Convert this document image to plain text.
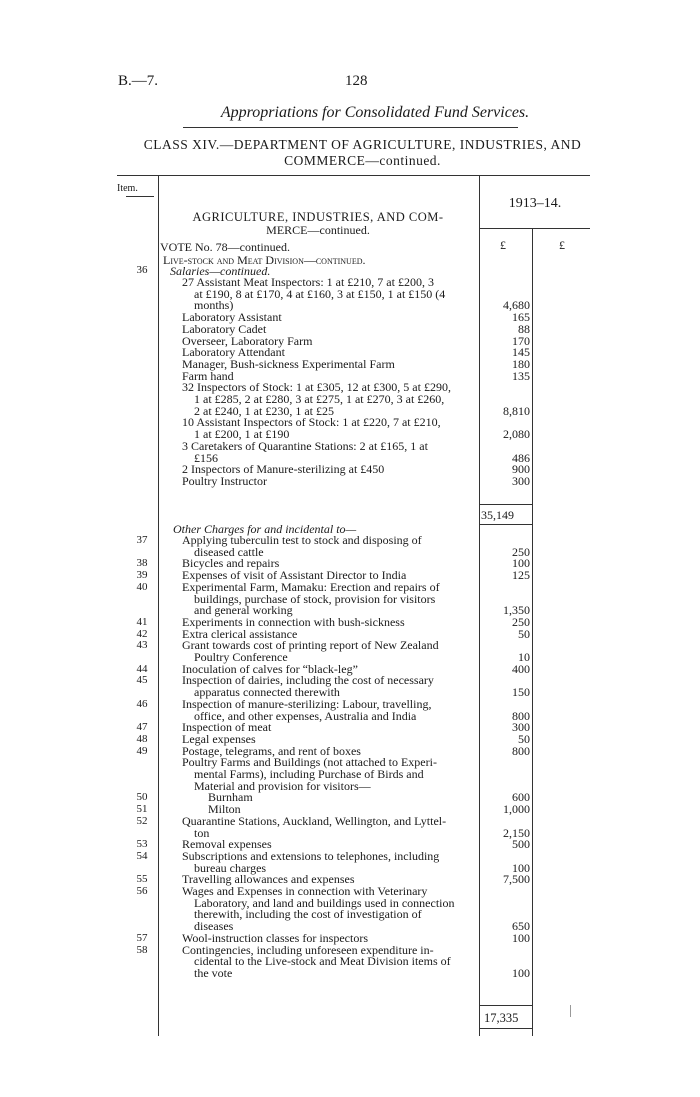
B.—7.	128
Appropriations for Consolidated Fund Services.
CLASS XIV.—DEPARTMENT OF AGRICULTURE, INDUSTRIES, AND
COMMERCE—continued.
Item.
1913–14.
£	£
AGRICULTURE, INDUSTRIES, AND COM-
MERCE—continued.
VOTE No. 78—continued.
Live-stock and Meat Division—continued.
36	Salaries—continued.
27 Assistant Meat Inspectors: 1 at £210, 7 at £200, 3
at £190, 8 at £170, 4 at £160, 3 at £150, 1 at £150 (4
months)	4,680
Laboratory Assistant	165
Laboratory Cadet	88
Overseer, Laboratory Farm	170
Laboratory Attendant	145
Manager, Bush-sickness Experimental Farm	180
Farm hand	135
32 Inspectors of Stock: 1 at £305, 12 at £300, 5 at £290,
1 at £285, 2 at £280, 3 at £275, 1 at £270, 3 at £260,
2 at £240, 1 at £230, 1 at £25	8,810
10 Assistant Inspectors of Stock: 1 at £220, 7 at £210,
1 at £200, 1 at £190	2,080
3 Caretakers of Quarantine Stations: 2 at £165, 1 at
£156	486
2 Inspectors of Manure-sterilizing at £450	900
Poultry Instructor	300
35,149
Other Charges for and incidental to—
37	Applying tuberculin test to stock and disposing of
diseased cattle	250
38	Bicycles and repairs	100
39	Expenses of visit of Assistant Director to India	125
40	Experimental Farm, Mamaku: Erection and repairs of
buildings, purchase of stock, provision for visitors
and general working	1,350
41	Experiments in connection with bush-sickness	250
42	Extra clerical assistance	50
43	Grant towards cost of printing report of New Zealand
Poultry Conference	10
44	Inoculation of calves for “black-leg”	400
45	Inspection of dairies, including the cost of necessary
apparatus connected therewith	150
46	Inspection of manure-sterilizing: Labour, travelling,
office, and other expenses, Australia and India	800
47	Inspection of meat	300
48	Legal expenses	50
49	Postage, telegrams, and rent of boxes	800
Poultry Farms and Buildings (not attached to Experi-
mental Farms), including Purchase of Birds and
Material and provision for visitors—
50	Burnham	600
51	Milton	1,000
52	Quarantine Stations, Auckland, Wellington, and Lyttel-
ton	2,150
53	Removal expenses	500
54	Subscriptions and extensions to telephones, including
bureau charges	100
55	Travelling allowances and expenses	7,500
56	Wages and Expenses in connection with Veterinary
Laboratory, and land and buildings used in connection
therewith, including the cost of investigation of
diseases	650
57	Wool-instruction classes for inspectors	100
58	Contingencies, including unforeseen expenditure in-
cidental to the Live-stock and Meat Division items of
the vote	100
17,335
